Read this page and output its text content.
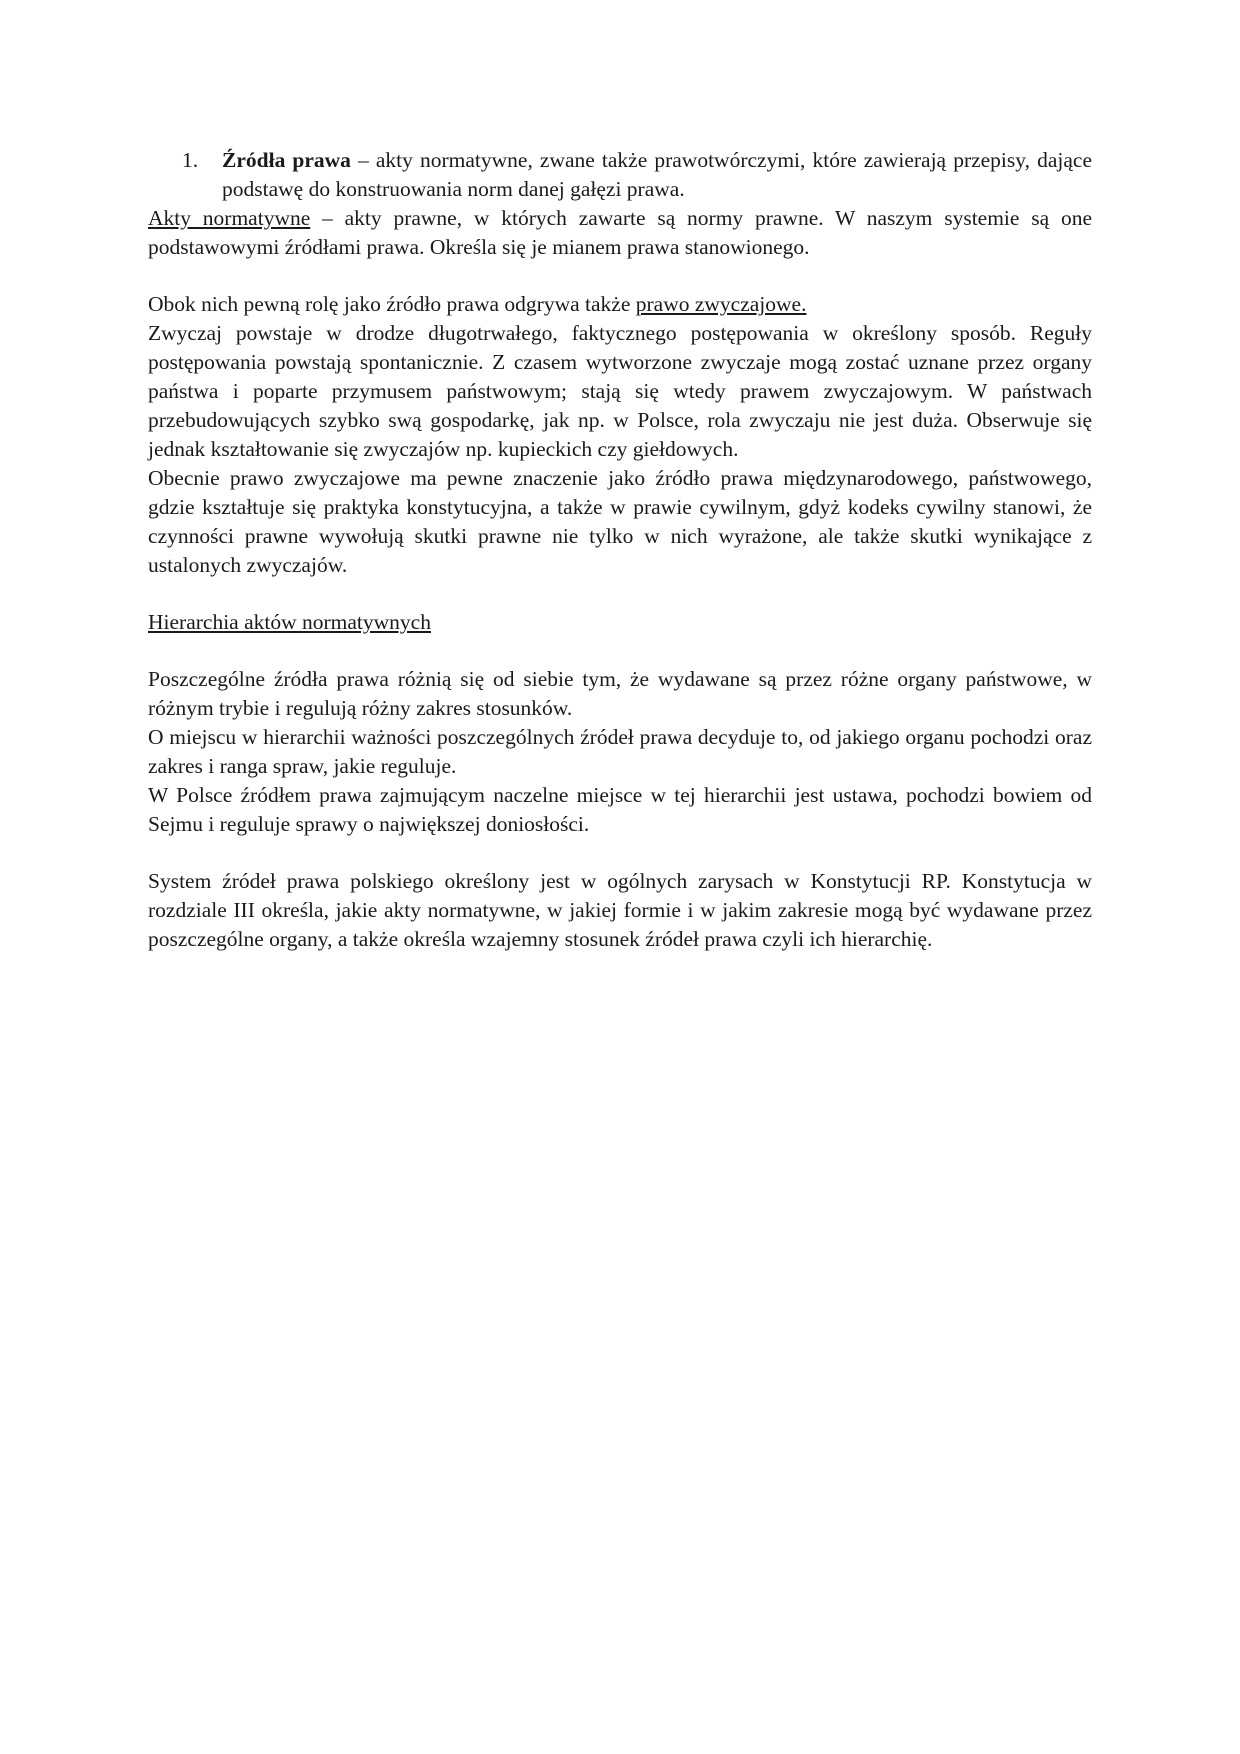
1.	Źródła prawa – akty normatywne, zwane także prawotwórczymi, które zawierają przepisy, dające podstawę do konstruowania norm danej gałęzi prawa.

Akty normatywne – akty prawne, w których zawarte są normy prawne. W naszym systemie są one podstawowymi źródłami prawa. Określa się je mianem prawa stanowionego.

Obok nich pewną rolę jako źródło prawa odgrywa także prawo zwyczajowe.

Zwyczaj powstaje w drodze długotrwałego, faktycznego postępowania w określony sposób. Reguły postępowania powstają spontanicznie. Z czasem wytworzone zwyczaje mogą zostać uznane przez organy państwa i poparte przymusem państwowym; stają się wtedy prawem zwyczajowym. W państwach przebudowujących szybko swą gospodarkę, jak np. w Polsce, rola zwyczaju nie jest duża. Obserwuje się jednak kształtowanie się zwyczajów np. kupieckich czy giełdowych.

Obecnie prawo zwyczajowe ma pewne znaczenie jako źródło prawa międzynarodowego, państwowego, gdzie kształtuje się praktyka konstytucyjna, a także w prawie cywilnym, gdyż kodeks cywilny stanowi, że czynności prawne wywołują skutki prawne nie tylko w nich wyrażone, ale także skutki wynikające z ustalonych zwyczajów.

Hierarchia aktów normatywnych

Poszczególne źródła prawa różnią się od siebie tym, że wydawane są przez różne organy państwowe, w różnym trybie i regulują różny zakres stosunków.

O miejscu w hierarchii ważności poszczególnych źródeł prawa decyduje to, od jakiego organu pochodzi oraz zakres i ranga spraw, jakie reguluje.

W Polsce źródłem prawa zajmującym naczelne miejsce w tej hierarchii jest ustawa, pochodzi bowiem od Sejmu i reguluje sprawy o największej doniosłości.

System źródeł prawa polskiego określony jest w ogólnych zarysach w Konstytucji RP. Konstytucja w rozdziale III określa, jakie akty normatywne, w jakiej formie i w jakim zakresie mogą być wydawane przez poszczególne organy, a także określa wzajemny stosunek źródeł prawa czyli ich hierarchię.
